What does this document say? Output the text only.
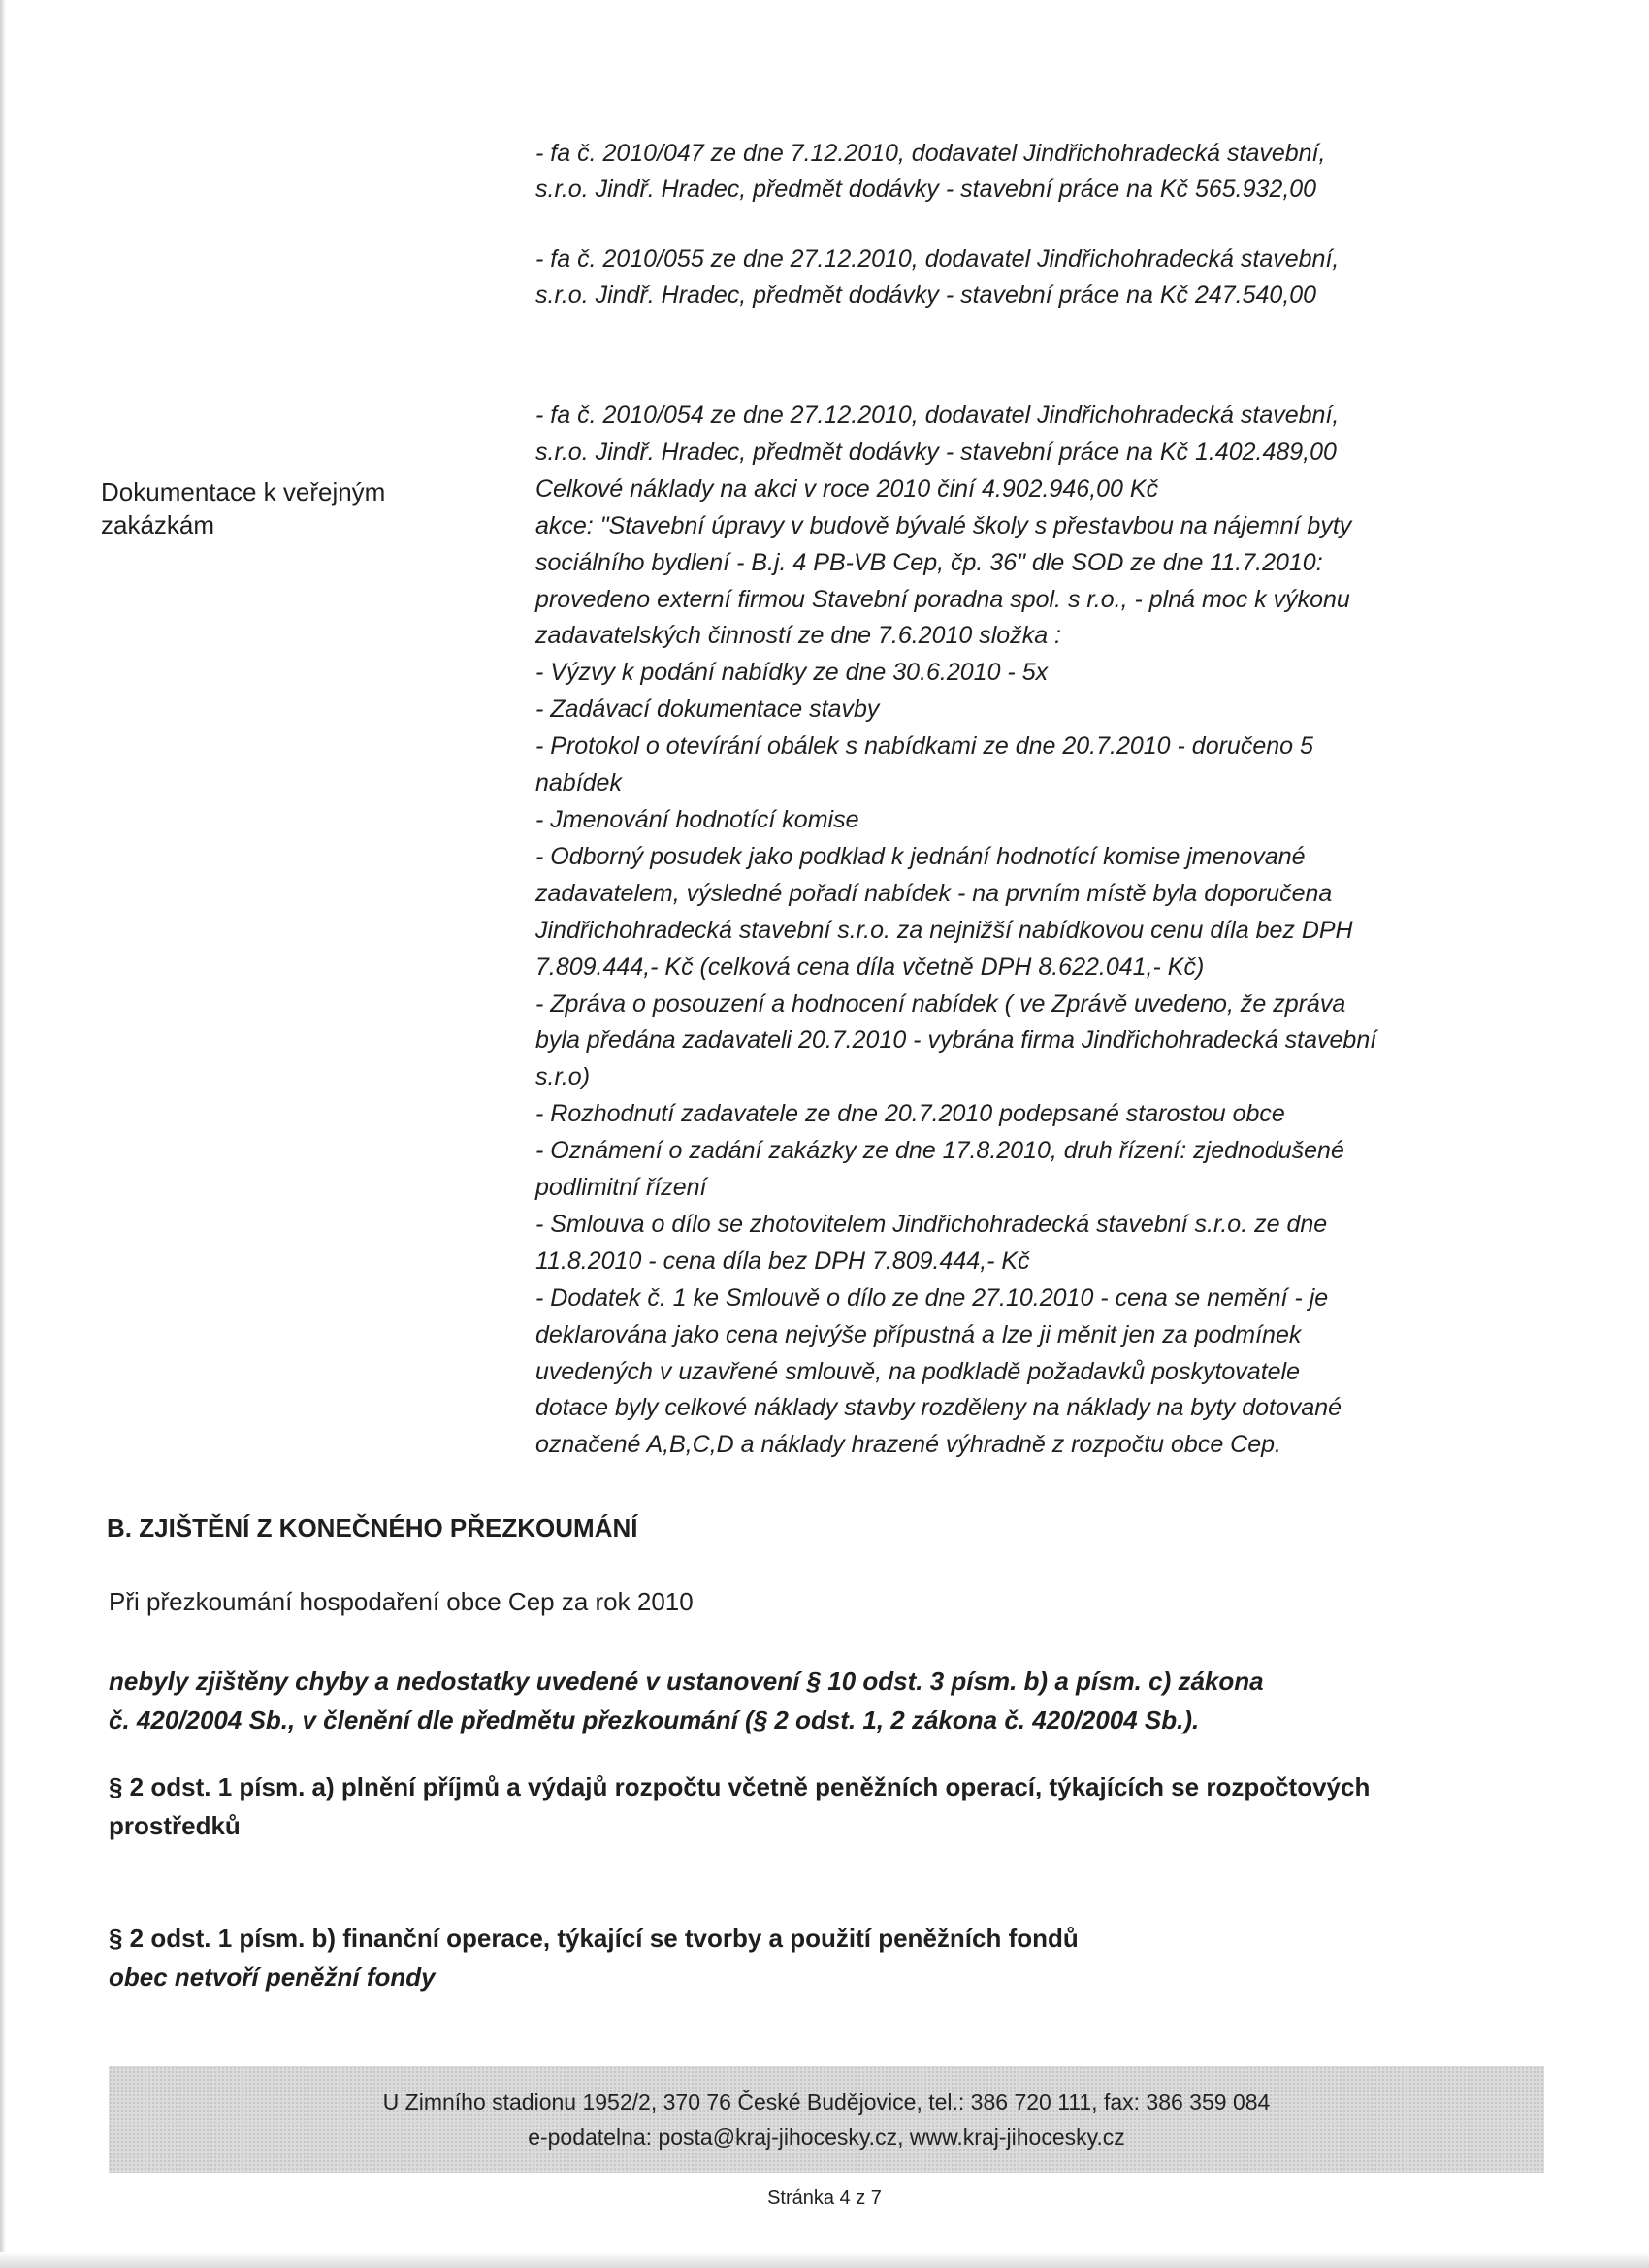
- fa č. 2010/047 ze dne 7.12.2010, dodavatel Jindřichohradecká stavební,
s.r.o. Jindř. Hradec, předmět dodávky - stavební práce na Kč 565.932,00
- fa č. 2010/055 ze dne 27.12.2010, dodavatel Jindřichohradecká stavební,
s.r.o. Jindř. Hradec, předmět dodávky - stavební práce na Kč 247.540,00
Dokumentace k veřejným
zakázkám
- fa č. 2010/054 ze dne 27.12.2010, dodavatel Jindřichohradecká stavební,
s.r.o. Jindř. Hradec, předmět dodávky - stavební práce na Kč 1.402.489,00
Celkové náklady na akci v roce 2010 činí 4.902.946,00 Kč
akce: "Stavební úpravy v budově bývalé školy s přestavbou na nájemní byty
sociálního bydlení - B.j. 4 PB-VB Cep, čp. 36" dle SOD ze dne 11.7.2010:
provedeno externí firmou Stavební poradna spol. s r.o., - plná moc k výkonu
zadavatelských činností ze dne 7.6.2010 složka :
- Výzvy k podání nabídky ze dne 30.6.2010 - 5x
- Zadávací dokumentace stavby
- Protokol o otevírání obálek s nabídkami ze dne 20.7.2010 - doručeno 5
nabídek
- Jmenování hodnotící komise
- Odborný posudek jako podklad k jednání hodnotící komise jmenované
zadavatelem, výsledné pořadí nabídek - na prvním místě byla doporučena
Jindřichohradecká stavební s.r.o. za nejnižší nabídkovou cenu díla bez DPH
7.809.444,- Kč (celková cena díla včetně DPH 8.622.041,- Kč)
- Zpráva o posouzení a hodnocení nabídek ( ve Zprávě uvedeno, že zpráva
byla předána zadavateli 20.7.2010 - vybrána firma Jindřichohradecká stavební
s.r.o)
- Rozhodnutí zadavatele ze dne 20.7.2010 podepsané starostou obce
- Oznámení o zadání zakázky ze dne 17.8.2010, druh řízení: zjednodušené
podlimitní řízení
- Smlouva o dílo se zhotovitelem Jindřichohradecká stavební s.r.o. ze dne
11.8.2010 - cena díla bez DPH 7.809.444,- Kč
- Dodatek č. 1 ke Smlouvě o dílo ze dne 27.10.2010 - cena se nemění - je
deklarována jako cena nejvýše přípustná a lze ji měnit jen za podmínek
uvedených v uzavřené smlouvě, na podkladě požadavků poskytovatele
dotace byly celkové náklady stavby rozděleny na náklady na byty dotované
označené A,B,C,D a náklady hrazené výhradně z rozpočtu obce Cep.
B. ZJIŠTĚNÍ Z KONEČNÉHO PŘEZKOUMÁNÍ
Při přezkoumání hospodaření obce Cep za rok 2010
nebyly zjištěny chyby a nedostatky uvedené v ustanovení § 10 odst. 3 písm. b) a písm. c) zákona
č. 420/2004 Sb., v členění dle předmětu přezkoumání (§ 2 odst. 1, 2 zákona č. 420/2004 Sb.).
§ 2 odst. 1 písm. a) plnění příjmů a výdajů rozpočtu včetně peněžních operací, týkajících se rozpočtových
prostředků
§ 2 odst. 1 písm. b) finanční operace, týkající se tvorby a použití peněžních fondů
obec netvoří peněžní fondy
U Zimního stadionu 1952/2, 370 76 České Budějovice, tel.: 386 720 111, fax: 386 359 084
e-podatelna: posta@kraj-jihocesky.cz, www.kraj-jihocesky.cz
Stránka 4 z 7
